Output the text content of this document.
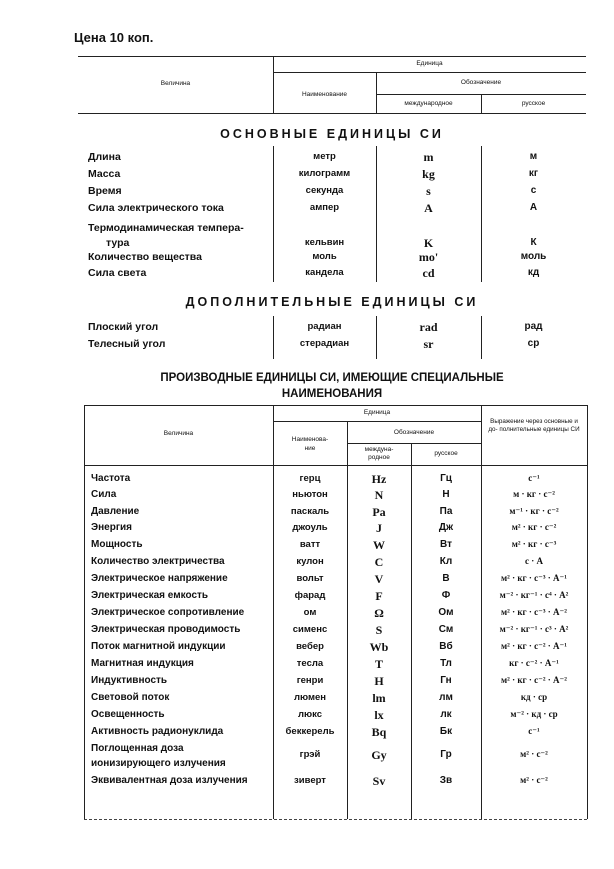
Цена 10 коп.
Величина
Единица
Наименование
Обозначение
международное	русское
ОСНОВНЫЕ ЕДИНИЦЫ СИ
Длина	метр	m	м
Масса	килограмм	kg	кг
Время	секунда	s	с
Сила электрического тока	ампер	A	А
Термодинамическая темпера-
тура	кельвин	K	К
Количество вещества	моль	mo'	моль
Сила света	кандела	cd	кд
ДОПОЛНИТЕЛЬНЫЕ ЕДИНИЦЫ СИ
Плоский угол	радиан	rad	рад
Телесный угол	стерадиан	sr	ср
ПРОИЗВОДНЫЕ ЕДИНИЦЫ СИ, ИМЕЮЩИЕ СПЕЦИАЛЬНЫЕ
НАИМЕНОВАНИЯ
Величина
Единица
Наименова-
ние
Обозначение
междуна-
родное
русское
Выражение через основные и до- полнительные единицы СИ
Частота	герц	Hz	Гц	с⁻¹
Сила	ньютон	N	Н	м · кг · с⁻²
Давление	паскаль	Pa	Па	м⁻¹ · кг · с⁻²
Энергия	джоуль	J	Дж	м² · кг · с⁻²
Мощность	ватт	W	Вт	м² · кг · с⁻³
Количество электричества	кулон	C	Кл	с · А
Электрическое напряжение	вольт	V	В	м² · кг · с⁻³ · А⁻¹
Электрическая емкость	фарад	F	Ф	м⁻² · кг⁻¹ · с⁴ · А²
Электрическое сопротивление	ом	Ω	Ом	м² · кг · с⁻³ · А⁻²
Электрическая проводимость	сименс	S	См	м⁻² · кг⁻¹ · с³ · А²
Поток магнитной индукции	вебер	Wb	Вб	м² · кг · с⁻² · А⁻¹
Магнитная индукция	тесла	T	Тл	кг · с⁻² · А⁻¹
Индуктивность	генри	H	Гн	м² · кг · с⁻² · А⁻²
Световой поток	люмен	lm	лм	кд · ср
Освещенность	люкс	lx	лк	м⁻² · кд · ср
Активность радионуклида	беккерель	Bq	Бк	с⁻¹
Поглощенная доза
ионизирующего излучения
грэй	Gy	Гр	м² · с⁻²
Эквивалентная доза излучения	зиверт	Sv	Зв	м² · с⁻²
